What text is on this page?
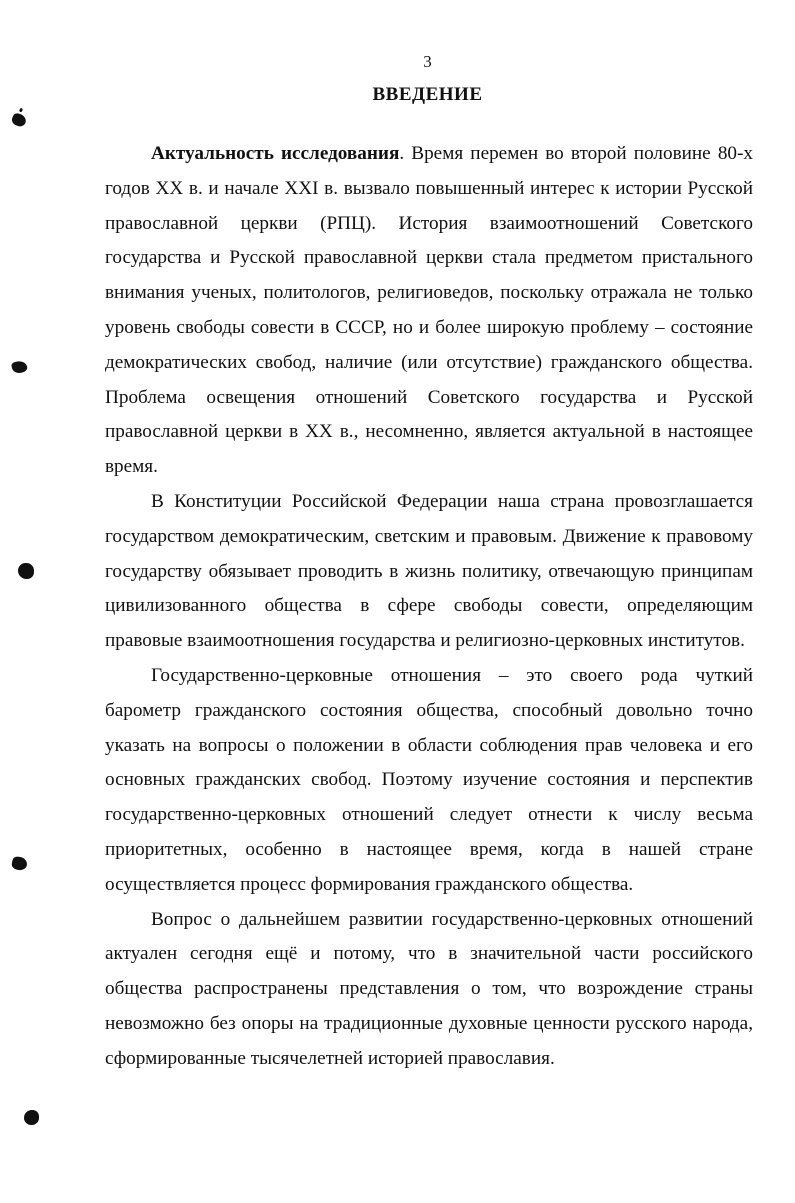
3
ВВЕДЕНИЕ

Актуальность исследования. Время перемен во второй половине 80-х годов XX в. и начале XXI в. вызвало повышенный интерес к истории Русской православной церкви (РПЦ). История взаимоотношений Советского государства и Русской православной церкви стала предметом пристального внимания ученых, политологов, религиоведов, поскольку отражала не только уровень свободы совести в СССР, но и более широкую проблему – состояние демократических свобод, наличие (или отсутствие) гражданского общества. Проблема освещения отношений Советского государства и Русской православной церкви в XX в., несомненно, является актуальной в настоящее время.

В Конституции Российской Федерации наша страна провозглашается государством демократическим, светским и правовым. Движение к правовому государству обязывает проводить в жизнь политику, отвечающую принципам цивилизованного общества в сфере свободы совести, определяющим правовые взаимоотношения государства и религиозно-церковных институтов.

Государственно-церковные отношения – это своего рода чуткий барометр гражданского состояния общества, способный довольно точно указать на вопросы о положении в области соблюдения прав человека и его основных гражданских свобод. Поэтому изучение состояния и перспектив государственно-церковных отношений следует отнести к числу весьма приоритетных, особенно в настоящее время, когда в нашей стране осуществляется процесс формирования гражданского общества.

Вопрос о дальнейшем развитии государственно-церковных отношений актуален сегодня ещё и потому, что в значительной части российского общества распространены представления о том, что возрождение страны невозможно без опоры на традиционные духовные ценности русского народа, сформированные тысячелетней историей православия.
